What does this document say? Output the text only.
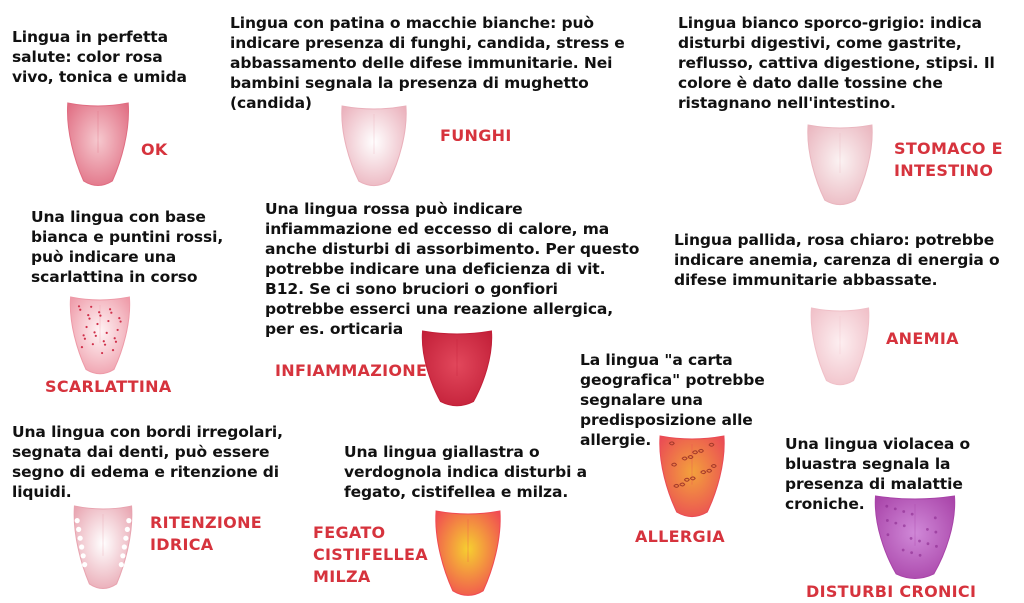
Lingua in perfetta
salute: color rosa
vivo, tonica e umida
OK
Lingua con patina o macchie bianche: può
indicare presenza di funghi, candida, stress e
abbassamento delle difese immunitarie. Nei
bambini segnala la presenza di mughetto
(candida)
FUNGHI
Lingua bianco sporco-grigio: indica
disturbi digestivi, come gastrite,
reflusso, cattiva digestione, stipsi. Il
colore è dato dalle tossine che
ristagnano nell'intestino.
STOMACO E
INTESTINO
Una lingua con base
bianca e puntini rossi,
può indicare una
scarlattina in corso
SCARLATTINA
Una lingua rossa può indicare
infiammazione ed eccesso di calore, ma
anche disturbi di assorbimento. Per questo
potrebbe indicare una deficienza di vit.
B12. Se ci sono bruciori o gonfiori
potrebbe esserci una reazione allergica,
per es. orticaria
INFIAMMAZIONE
Lingua pallida, rosa chiaro: potrebbe
indicare anemia, carenza di energia o
difese immunitarie abbassate.
ANEMIA
Una lingua con bordi irregolari,
segnata dai denti, può essere
segno di edema e ritenzione di
liquidi.
RITENZIONE
IDRICA
Una lingua giallastra o
verdognola indica disturbi a
fegato, cistifellea e milza.
FEGATO
CISTIFELLEA
MILZA
La lingua "a carta
geografica" potrebbe
segnalare una
predisposizione alle
allergie.
ALLERGIA
Una lingua violacea o
bluastra segnala la
presenza di malattie
croniche.
DISTURBI CRONICI
